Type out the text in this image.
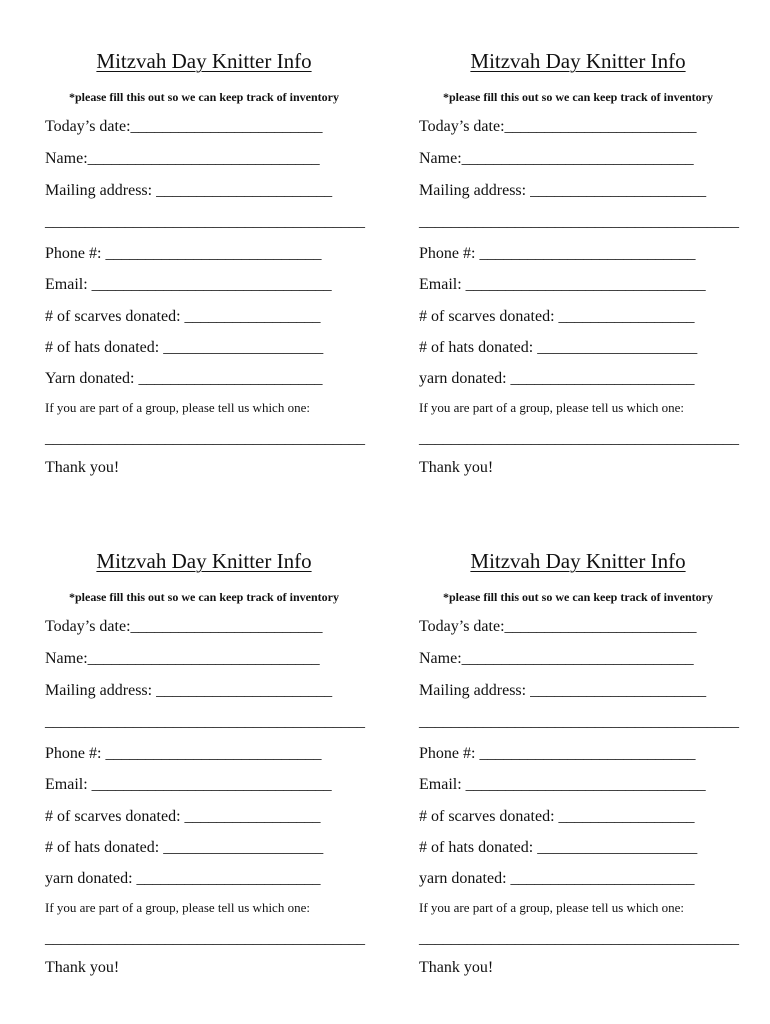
Mitzvah Day Knitter Info
*please fill this out so we can keep track of inventory
Today’s date:________________________
Name:_____________________________
Mailing address: ______________________
________________________________________
Phone #: ___________________________
Email: ______________________________
# of scarves donated: _________________
# of hats donated: ____________________
Yarn donated: _______________________
If you are part of a group, please tell us which one:
________________________________________
Thank you!
Mitzvah Day Knitter Info
*please fill this out so we can keep track of inventory
Today’s date:________________________
Name:_____________________________
Mailing address: ______________________
________________________________________
Phone #: ___________________________
Email: ______________________________
# of scarves donated: _________________
# of hats donated: ____________________
yarn donated: _______________________
If you are part of a group, please tell us which one:
________________________________________
Thank you!
Mitzvah Day Knitter Info
*please fill this out so we can keep track of inventory
Today’s date:________________________
Name:_____________________________
Mailing address: ______________________
________________________________________
Phone #: ___________________________
Email: ______________________________
# of scarves donated: _________________
# of hats donated: ____________________
yarn donated: _______________________
If you are part of a group, please tell us which one:
________________________________________
Thank you!
Mitzvah Day Knitter Info
*please fill this out so we can keep track of inventory
Today’s date:________________________
Name:_____________________________
Mailing address: ______________________
________________________________________
Phone #: ___________________________
Email: ______________________________
# of scarves donated: _________________
# of hats donated: ____________________
yarn donated: _______________________
If you are part of a group, please tell us which one:
________________________________________
Thank you!
